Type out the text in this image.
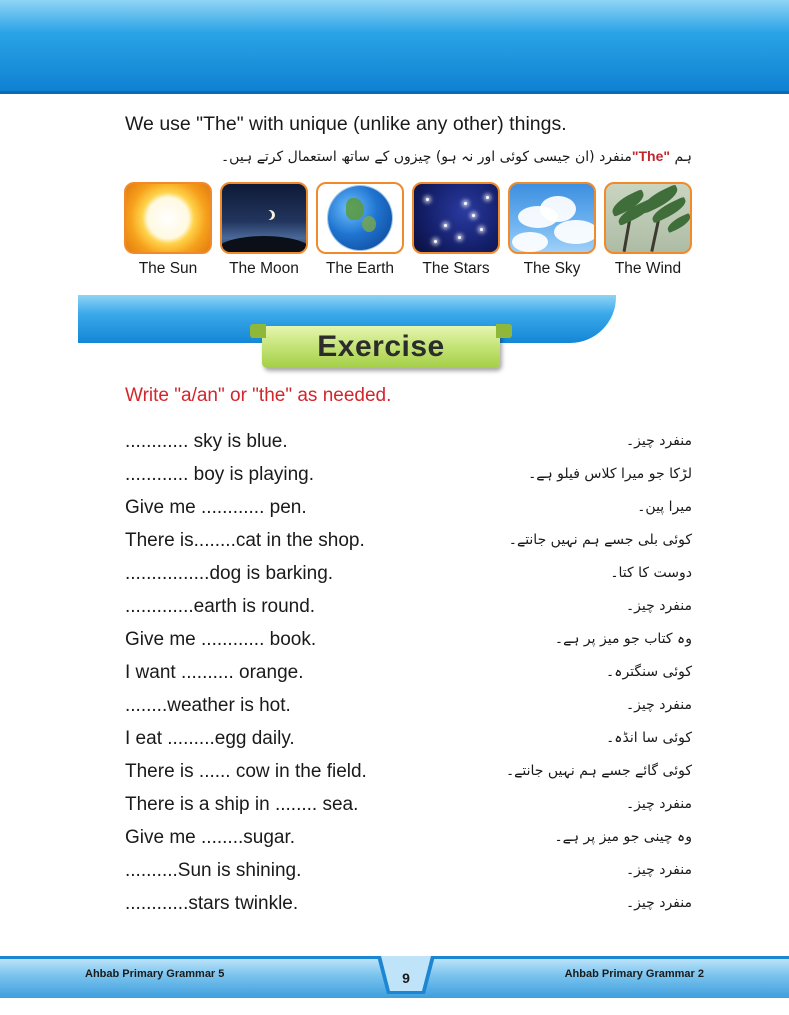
We use "The" with unique (unlike any other) things.
ہم "The"منفرد (ان جیسی کوئی اور نہ ہو) چیزوں کے ساتھ استعمال کرتے ہیں۔
The Sun	The Moon	The Earth	The Stars	The Sky	The Wind
Exercise
Write "a/an" or "the" as needed.
............ sky is blue.	منفرد چیز۔
............ boy is playing.	لڑکا جو میرا کلاس فیلو ہے۔
Give me ............ pen.	میرا پین۔
There is........cat in the shop.	کوئی بلی جسے ہم نہیں جانتے۔
................dog is barking.	دوست کا کتا۔
.............earth is round.	منفرد چیز۔
Give me ............ book.	وہ کتاب جو میز پر ہے۔
I want .......... orange.	کوئی سنگترہ۔
........weather is hot.	منفرد چیز۔
I eat .........egg daily.	کوئی سا انڈہ۔
There is ...... cow in the field.	کوئی گائے جسے ہم نہیں جانتے۔
There is a ship in ........ sea.	منفرد چیز۔
Give me ........sugar.	وہ چینی جو میز پر ہے۔
..........Sun is shining.	منفرد چیز۔
............stars twinkle.	منفرد چیز۔
Ahbab Primary Grammar 5	Ahbab Primary Grammar 2
9
